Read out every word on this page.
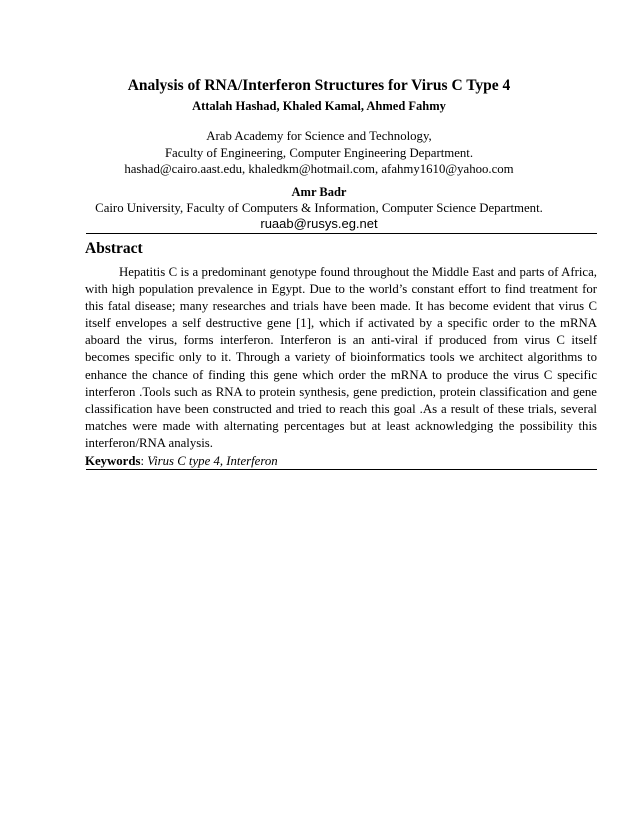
Analysis of RNA/Interferon Structures for Virus C Type 4
Attalah Hashad, Khaled Kamal, Ahmed Fahmy
Arab Academy for Science and Technology,
Faculty of Engineering, Computer Engineering Department.
hashad@cairo.aast.edu, khaledkm@hotmail.com, afahmy1610@yahoo.com
Amr Badr
Cairo University, Faculty of Computers & Information, Computer Science Department.
ruaab@rusys.eg.net
Abstract

Hepatitis C is a predominant genotype found throughout the Middle East and parts of Africa, with high population prevalence in Egypt. Due to the world’s constant effort to find treatment for this fatal disease; many researches and trials have been made. It has become evident that virus C itself envelopes a self destructive gene [1], which if activated by a specific order to the mRNA aboard the virus, forms interferon. Interferon is an anti-viral if produced from virus C itself becomes specific only to it. Through a variety of bioinformatics tools we architect algorithms to enhance the chance of finding this gene which order the mRNA to produce the virus C specific interferon .Tools such as RNA to protein synthesis, gene prediction, protein classification and gene classification have been constructed and tried to reach this goal .As a result of these trials, several matches were made with alternating percentages but at least acknowledging the possibility this interferon/RNA analysis.

Keywords: Virus C type 4, Interferon
